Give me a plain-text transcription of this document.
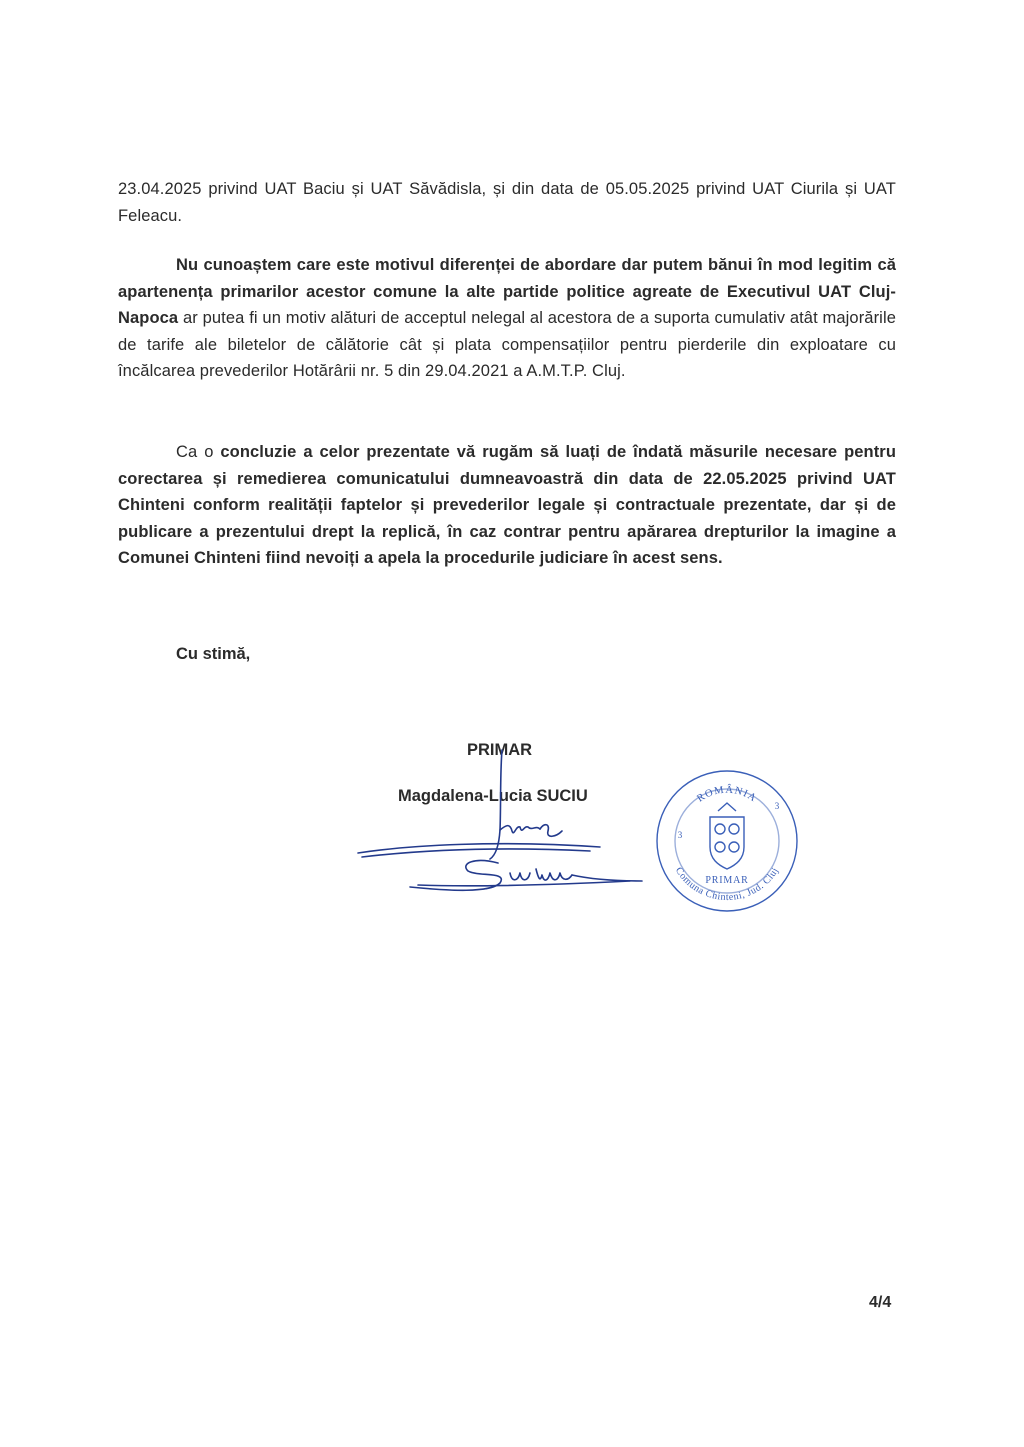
23.04.2025 privind UAT Baciu și UAT Săvădisla, și din data de 05.05.2025 privind UAT Ciurila și UAT Feleacu.

Nu cunoaștem care este motivul diferenței de abordare dar putem bănui în mod legitim că apartenența primarilor acestor comune la alte partide politice agreate de Executivul UAT Cluj-Napoca ar putea fi un motiv alături de acceptul nelegal al acestora de a suporta cumulativ atât majorările de tarife ale biletelor de călătorie cât și plata compensațiilor pentru pierderile din exploatare cu încălcarea prevederilor Hotărârii nr. 5 din 29.04.2021 a A.M.T.P. Cluj.

Ca o concluzie a celor prezentate vă rugăm să luați de îndată măsurile necesare pentru corectarea și remedierea comunicatului dumneavoastră din data de 22.05.2025 privind UAT Chinteni conform realității faptelor și prevederilor legale și contractuale prezentate, dar și de publicare a prezentului drept la replică, în caz contrar pentru apărarea drepturilor la imagine a Comunei Chinteni fiind nevoiți a apela la procedurile judiciare în acest sens.

Cu stimă,
PRIMAR
Magdalena-Lucia SUCIU	ROMÂNIA
Comuna Chinteni, Jud. Cluj
PRIMAR
3
3
4/4
